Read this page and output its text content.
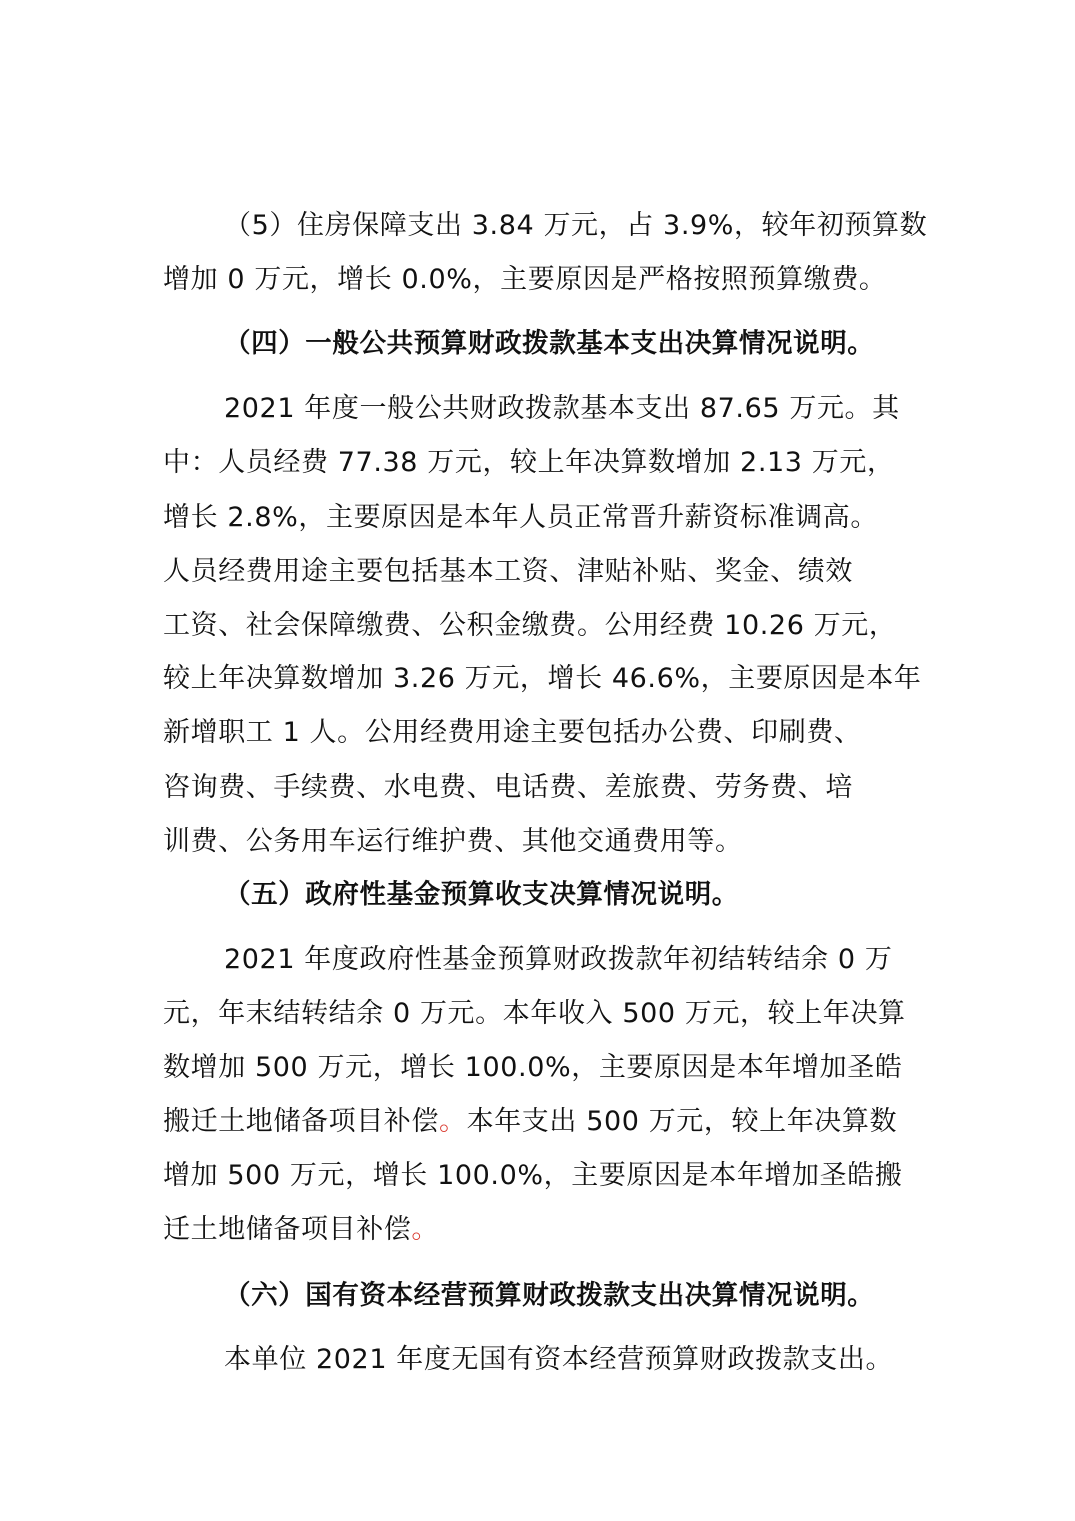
（5）住房保障支出 3.84 万元，占 3.9%，较年初预算数
增加 0 万元，增长 0.0%，主要原因是严格按照预算缴费。
（四）一般公共预算财政拨款基本支出决算情况说明。
2021 年度一般公共财政拨款基本支出 87.65 万元。其
中：人员经费 77.38 万元，较上年决算数增加 2.13 万元，
增长 2.8%，主要原因是本年人员正常晋升薪资标准调高。
人员经费用途主要包括基本工资、津贴补贴、奖金、绩效
工资、社会保障缴费、公积金缴费。公用经费 10.26 万元，
较上年决算数增加 3.26 万元，增长 46.6%，主要原因是本年
新增职工 1 人。公用经费用途主要包括办公费、印刷费、
咨询费、手续费、水电费、电话费、差旅费、劳务费、培
训费、公务用车运行维护费、其他交通费用等。
（五）政府性基金预算收支决算情况说明。
2021 年度政府性基金预算财政拨款年初结转结余 0 万
元，年末结转结余 0 万元。本年收入 500 万元，较上年决算
数增加 500 万元，增长 100.0%，主要原因是本年增加圣皓
搬迁土地储备项目补偿。本年支出 500 万元，较上年决算数
增加 500 万元，增长 100.0%，主要原因是本年增加圣皓搬
迁土地储备项目补偿。
（六）国有资本经营预算财政拨款支出决算情况说明。
本单位 2021 年度无国有资本经营预算财政拨款支出。
